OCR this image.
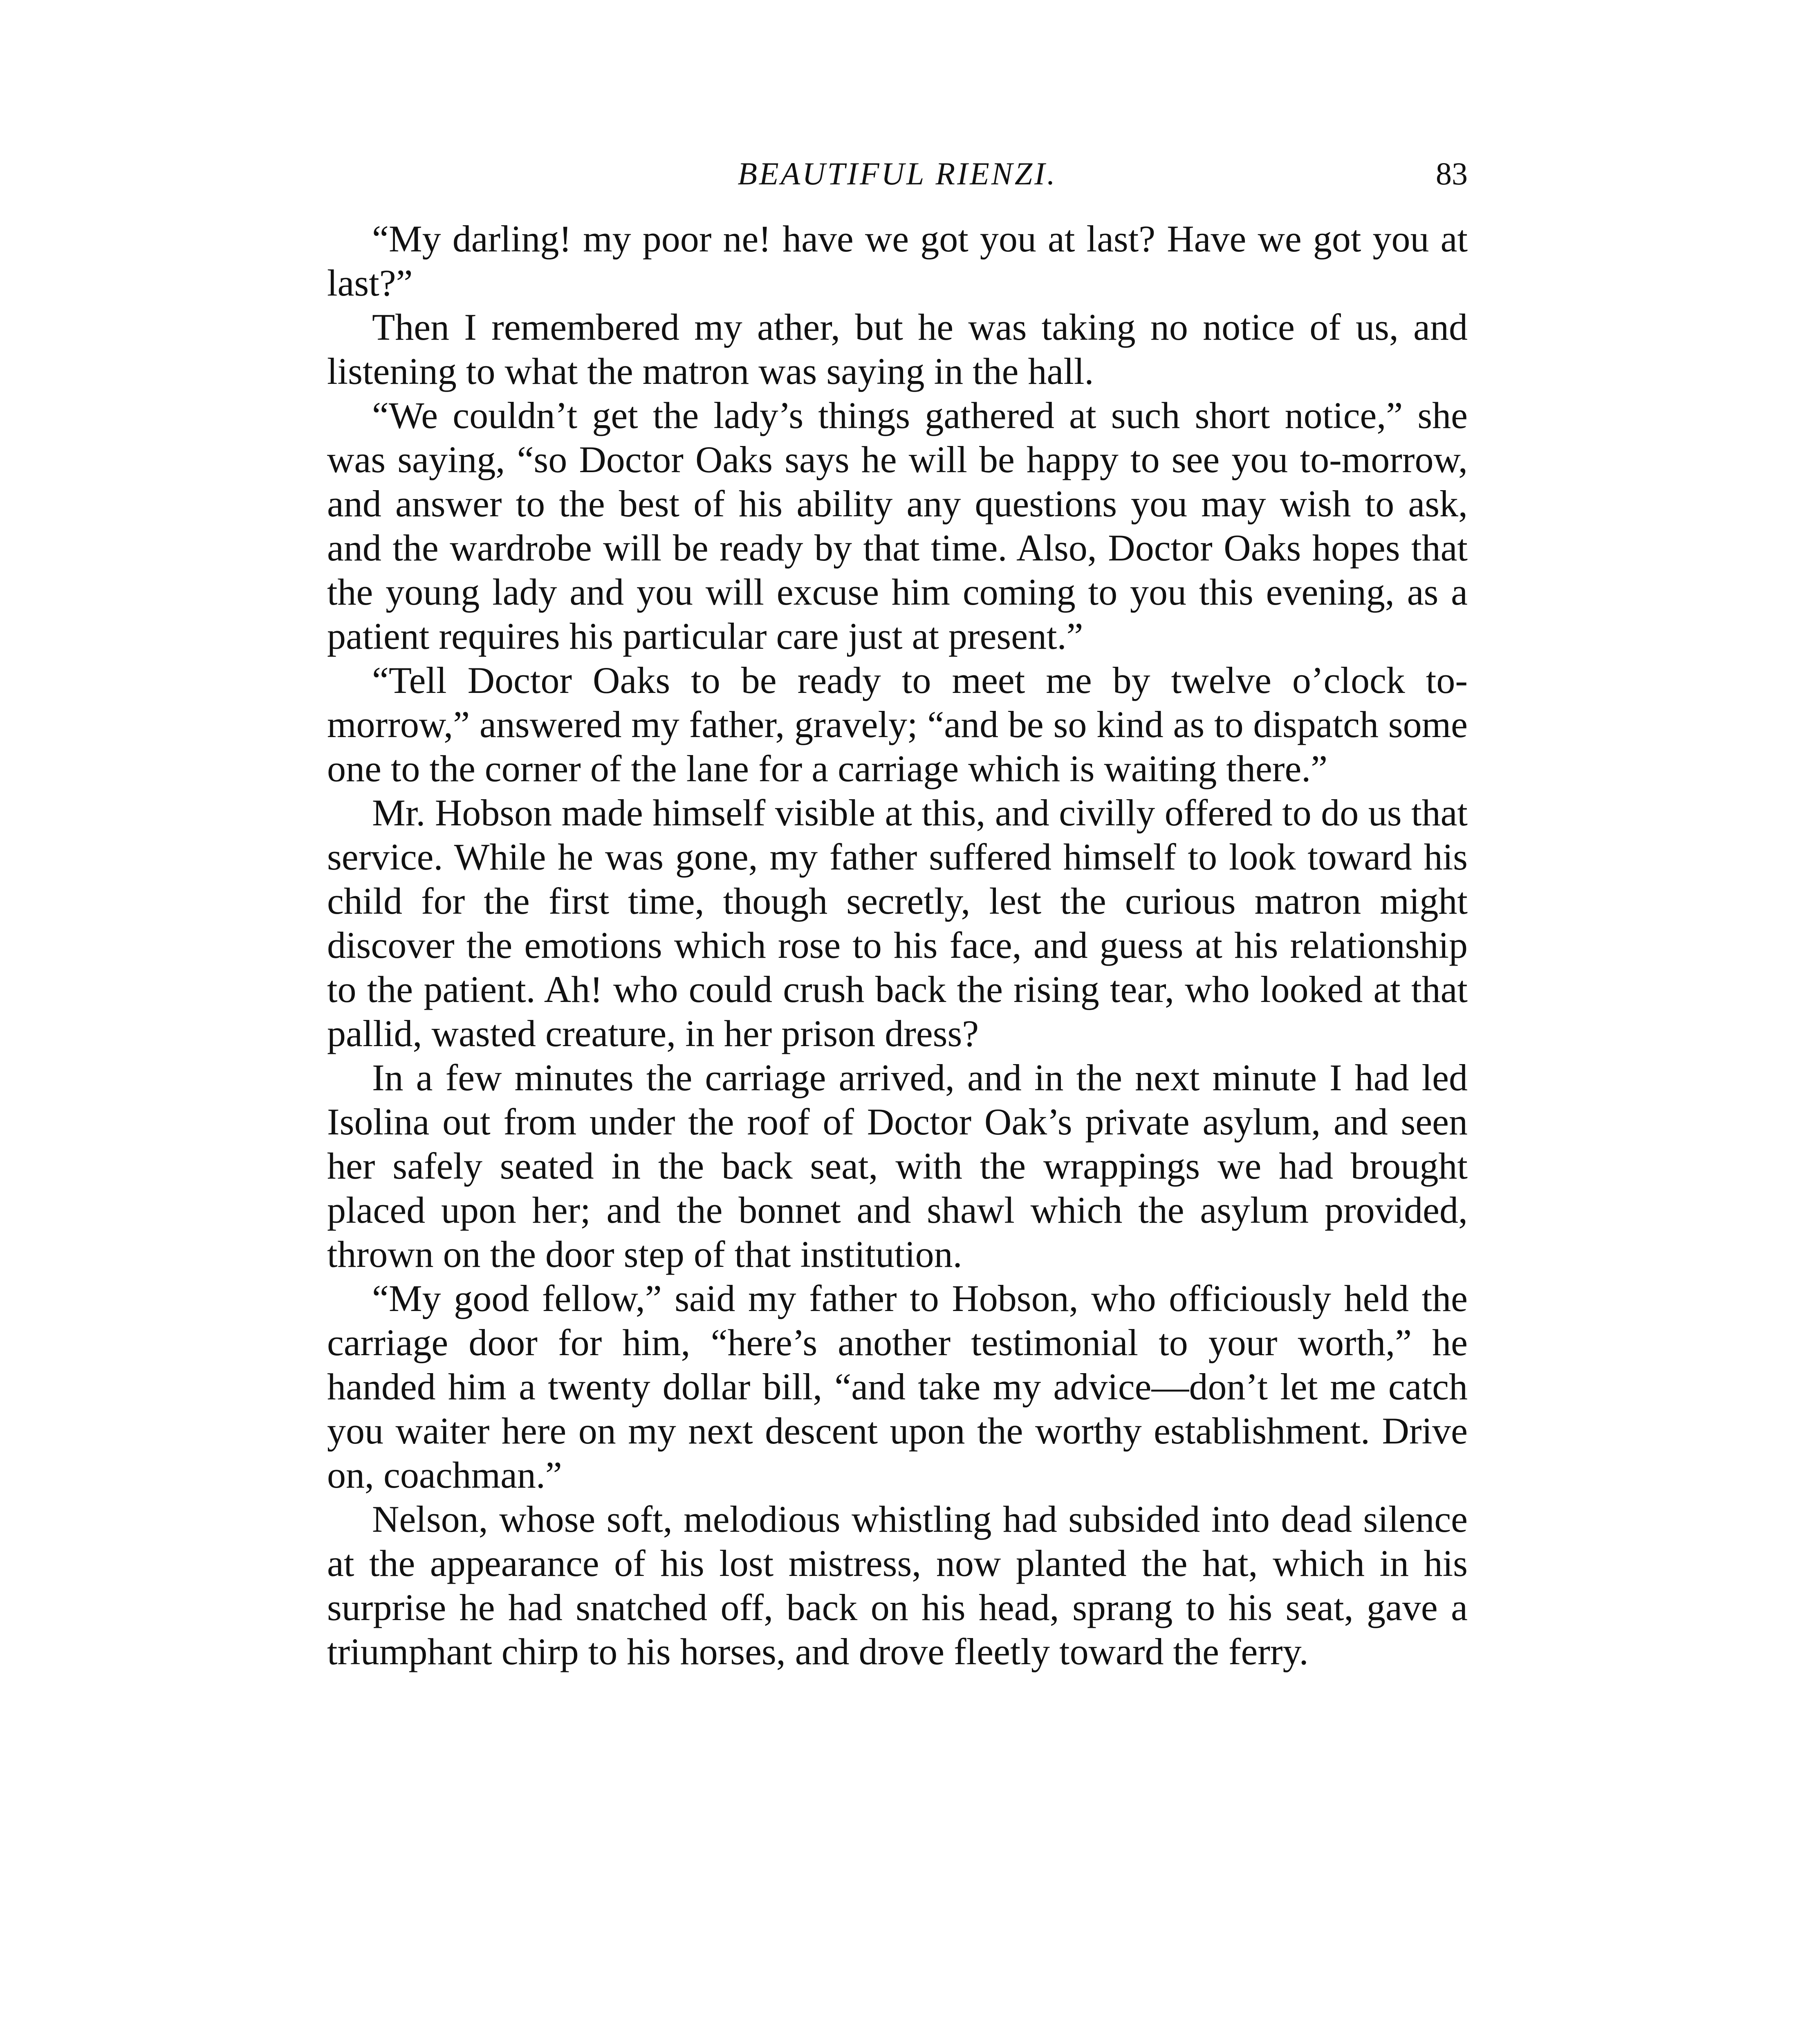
BEAUTIFUL RIENZI.	83

“My darling! my poor ne! have we got you at last? Have we got you at last?”

Then I remembered my ather, but he was taking no notice of us, and listening to what the matron was saying in the hall.

“We couldn’t get the lady’s things gathered at such short notice,” she was saying, “so Doctor Oaks says he will be happy to see you to-morrow, and answer to the best of his ability any questions you may wish to ask, and the wardrobe will be ready by that time. Also, Doctor Oaks hopes that the young lady and you will excuse him coming to you this evening, as a patient requires his particular care just at present.”

“Tell Doctor Oaks to be ready to meet me by twelve o’clock to-morrow,” answered my father, gravely; “and be so kind as to dispatch some one to the corner of the lane for a carriage which is waiting there.”

Mr. Hobson made himself visible at this, and civilly offered to do us that service. While he was gone, my father suffered himself to look toward his child for the first time, though secretly, lest the curious matron might discover the emotions which rose to his face, and guess at his relationship to the patient. Ah! who could crush back the rising tear, who looked at that pallid, wasted creature, in her prison dress?

In a few minutes the carriage arrived, and in the next minute I had led Isolina out from under the roof of Doctor Oak’s private asylum, and seen her safely seated in the back seat, with the wrappings we had brought placed upon her; and the bonnet and shawl which the asylum provided, thrown on the door step of that institution.

“My good fellow,” said my father to Hobson, who officiously held the carriage door for him, “here’s another testimonial to your worth,” he handed him a twenty dollar bill, “and take my advice—don’t let me catch you waiter here on my next descent upon the worthy establishment. Drive on, coachman.”

Nelson, whose soft, melodious whistling had subsided into dead silence at the appearance of his lost mistress, now planted the hat, which in his surprise he had snatched off, back on his head, sprang to his seat, gave a triumphant chirp to his horses, and drove fleetly toward the ferry.
